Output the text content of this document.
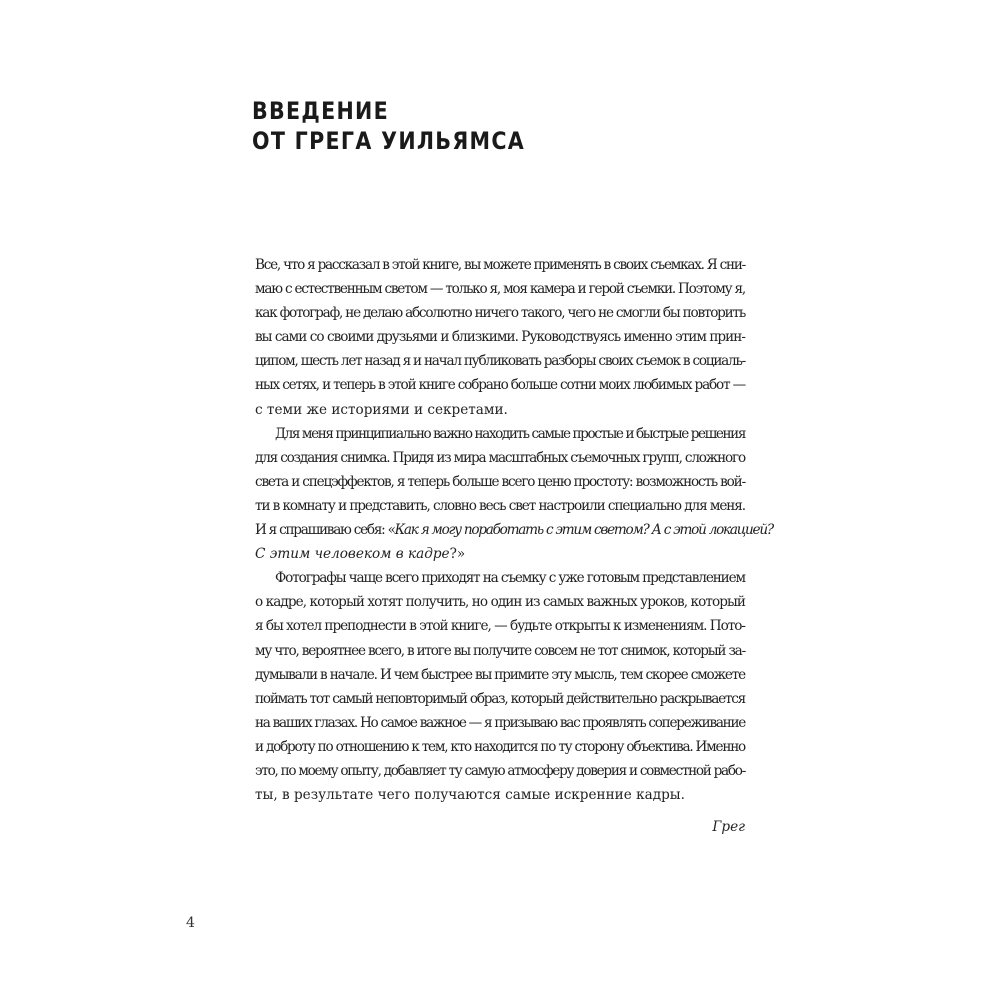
ВВЕДЕНИЕ
ОТ ГРЕГА УИЛЬЯМСА
Все, что я рассказал в этой книге, вы можете применять в своих съемках. Я сни-
маю с естественным светом — только я, моя камера и герой съемки. Поэтому я,
как фотограф, не делаю абсолютно ничего такого, чего не смогли бы повторить
вы сами со своими друзьями и близкими. Руководствуясь именно этим прин-
ципом, шесть лет назад я и начал публиковать разборы своих съемок в социаль-
ных сетях, и теперь в этой книге собрано больше сотни моих любимых работ —
с теми же историями и секретами.
Для меня принципиально важно находить самые простые и быстрые решения
для создания снимка. Придя из мира масштабных съемочных групп, сложного
света и спецэффектов, я теперь больше всего ценю простоту: возможность вой-
ти в комнату и представить, словно весь свет настроили специально для меня.
И я спрашиваю себя: «Как я могу поработать с этим светом? А с этой локацией?
С этим человеком в кадре?»
Фотографы чаще всего приходят на съемку с уже готовым представлением
о кадре, который хотят получить, но один из самых важных уроков, который
я бы хотел преподнести в этой книге, — будьте открыты к изменениям. Пото-
му что, вероятнее всего, в итоге вы получите совсем не тот снимок, который за-
думывали в начале. И чем быстрее вы примите эту мысль, тем скорее сможете
поймать тот самый неповторимый образ, который действительно раскрывается
на ваших глазах. Но самое важное — я призываю вас проявлять сопереживание
и доброту по отношению к тем, кто находится по ту сторону объектива. Именно
это, по моему опыту, добавляет ту самую атмосферу доверия и совместной рабо-
ты, в результате чего получаются самые искренние кадры.
Грег
4
